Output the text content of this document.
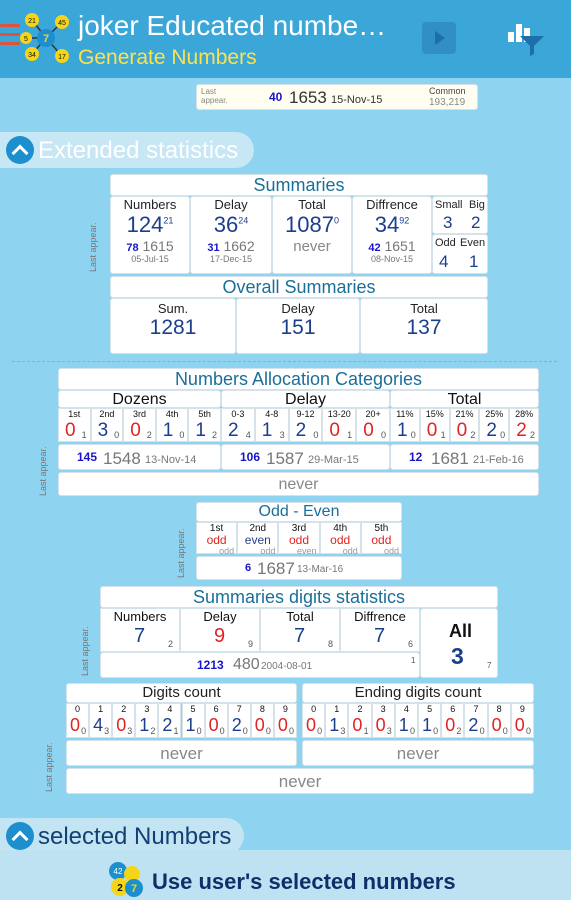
21	45
7
5
34	17
joker Educated numbe…
Generate Numbers
Last appear.	40 1653 15-Nov-15
Common
193,219
Extended statistics
Summaries
Last appear.
Numbers
$124^{21}$
78 1615
05-Jul-15
Delay
$36^{24}$
31 1662
17-Dec-15
Total
1087$^0$
never
Diffrence
$34^{92}$
42 1651
08-Nov-15
Small Big
3 2
Odd Even
4 1
Overall Summaries
Sum.
1281
Delay
151
Total
137
Numbers Allocation Categories
Last appear.
Dozens
1st
0 1
2nd
3 0
3rd
0 2
4th
1 0
5th
1 2
145 1548 13-Nov-14
Delay
0-3
2 4
4-8
1 3
9-12
2 0
13-20
0 1
20+
0 0
106 1587 29-Mar-15
Total
11%
1 0
15%
0 1
21%
0 2
25%
2 0
28%
2 2
12 1681 21-Feb-16
never
Odd - Even
Last appear.	1st
odd
odd
2nd
even
odd
3rd
odd
even
4th
odd
odd
5th
odd
odd
6 1687 13-Mar-16
Summaries digits statistics
Last appear.
Numbers
7	2
Delay
9	9
Total
7	8
Diffrence
7	6
All
3	7
1213 480 2004-08-01
1
Digits count	Ending digits count
0
0 0
1
4 3
2
0 3
3
1 2
4
2 1
5
1 0
6
0 0
7
2 0
8
0 0
9
0 0
0
0 0
1
1 3
2
0 1
3
0 3
4
1 0
5
1 0
6
0 2
7
2 0
8
0 0
9
0 0
never	never
Last appear.	never
selected Numbers
42
2 7 Use user's selected numbers
